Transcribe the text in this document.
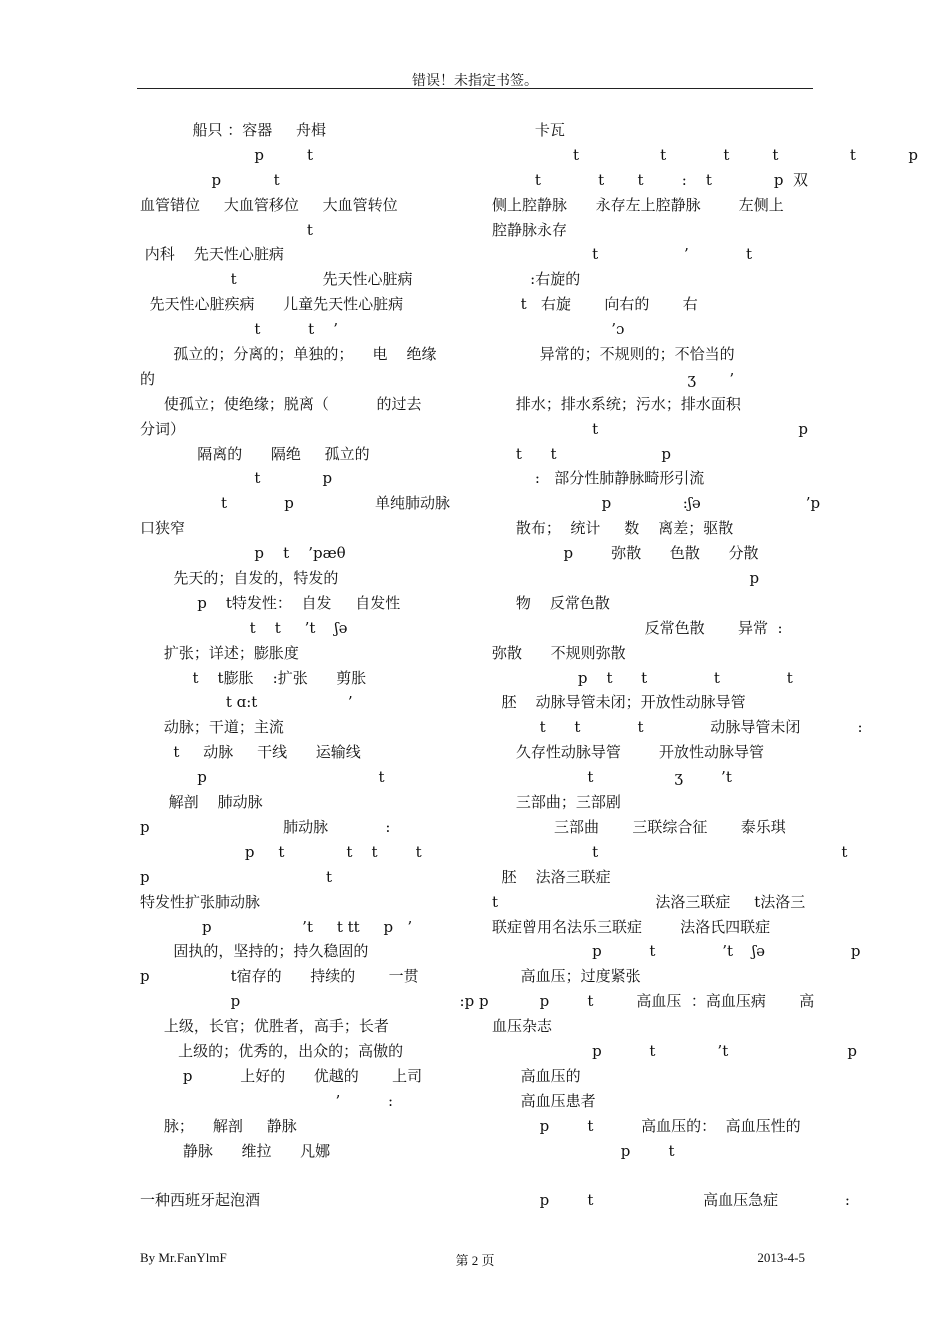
错误！未指定书签。
船只 ：容器     舟楫
p         t
p           t
血管错位     大血管移位     大血管转位
t
内科    先天性心脏病
t                  先天性心脏病
先天性心脏疾病      儿童先天性心脏病
t          t    ’
孤立的；分离的；单独的；    电    绝缘
的
使孤立；使绝缘；脱离（          的过去
分词）
隔离的      隔绝     孤立的
t             p
t            p                 单纯肺动脉
口狭窄
p    t    ’pæθ
先天的；自发的，特发的
p    t特发性：  自发     自发性
t    t     ’t    ʃə
扩张；详述；膨胀度
t    t膨胀    :扩张      剪胀
t ɑ:t                   ’
动脉；干道；主流
t     动脉     干线      运输线
p                                    t
解剖    肺动脉
p                            肺动脉            :
p     t             t    t        t
p                                     t
特发性扩张肺动脉
p                   ’t     t tt     p   ’
固执的，坚持的；持久稳固的
p                 t宿存的      持续的       一贯
p                                              :p p
上级，长官；优胜者，高手；长者
上级的；优秀的，出众的；高傲的
p          上好的      优越的       上司
’          :
脉；    解剖     静脉
静脉      维拉      凡娜
一种西班牙起泡酒
卡瓦
t                 t            t         t               t           p
t            t       t        :    t             p  双
侧上腔静脉      永存左上腔静脉        左侧上
腔静脉永存
t                  ’            t
:右旋的
t   右旋       向右的       右
’ɔ
异常的；不规则的；不恰当的
ʒ       ’
排水；排水系统；污水；排水面积
t                                          p
t      t                      p
:   部分性肺静脉畸形引流
p               :ʃə                      ’p
散布；  统计     数    离差；驱散
p        弥散      色散      分散
p
物    反常色散
反常色散       异常  :
弥散      不规则弥散
p    t      t              t              t
胚    动脉导管未闭；开放性动脉导管
t      t            t              动脉导管未闭            :
久存性动脉导管        开放性动脉导管
t                 ʒ        ’t
三部曲；三部剧
三部曲       三联综合征       泰乐琪
t                                                   t
胚    法洛三联症
t                                 法洛三联症     t法洛三
联症曾用名法乐三联症        法洛氏四联症
p          t              ’t    ʃə                  p
高血压；过度紧张
p        t         高血压  ：高血压病       高
血压杂志
p          t             ’t                         p
高血压的
高血压患者
p        t          高血压的：  高血压性的
p        t
p        t                       高血压急症              :
By Mr.FanYlmF	第 2 页	2013-4-5
